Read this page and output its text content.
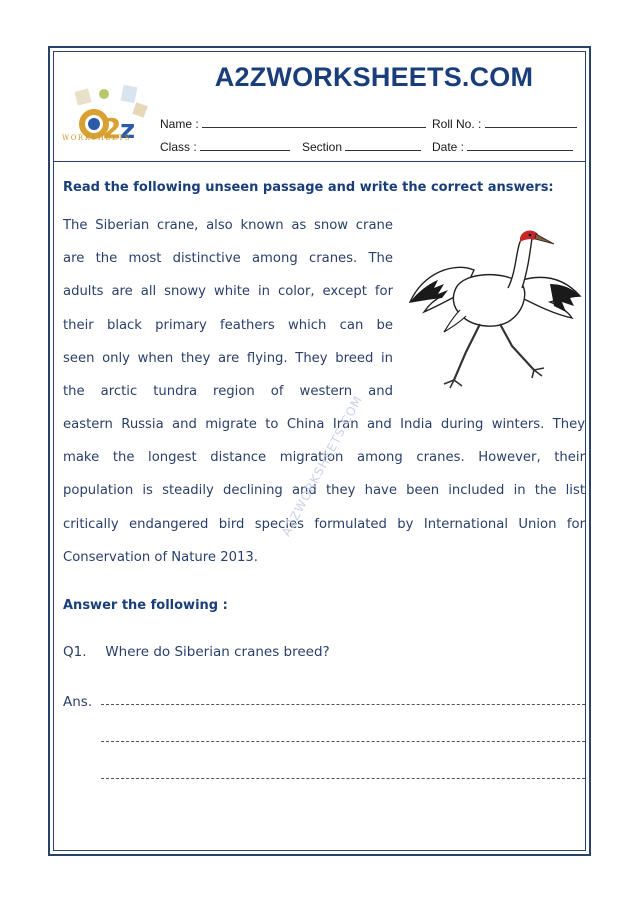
A2ZWORKSHEETS.COM
2
z
WORKSHEETS
Name :	Roll No. :
Class :	Section	Date :
Read the following unseen passage and write the correct answers:
The Siberian crane, also known as snow crane
are the most distinctive among cranes. The
adults are all snowy white in color, except for
their black primary feathers which can be
seen only when they are flying. They breed in
the arctic tundra region of western and
eastern Russia and migrate to China Iran and India during winters. They
make the longest distance migration among cranes. However, their
population is steadily declining and they have been included in the list
critically endangered bird species formulated by International Union for
Conservation of Nature 2013.
A2ZWORKSHEETS.COM
Answer the following :
Q1. Where do Siberian cranes breed?
Ans.
